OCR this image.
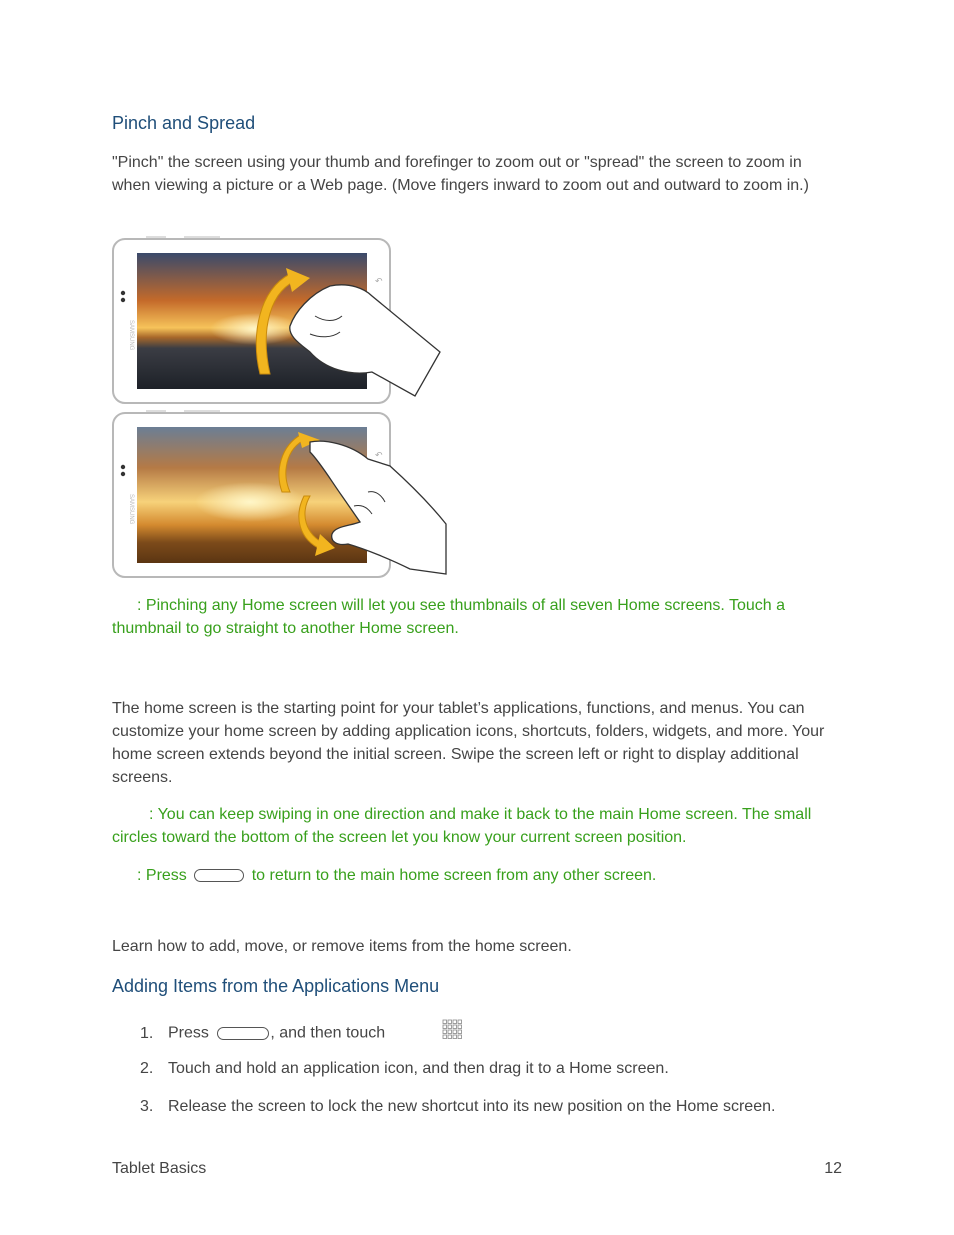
Pinch and Spread
"Pinch" the screen using your thumb and forefinger to zoom out or "spread" the screen to zoom in when viewing a picture or a Web page. (Move fingers inward to zoom out and outward to zoom in.)
SAMSUNG
↶
SAMSUNG
↶
: Pinching any Home screen will let you see thumbnails of all seven Home screens. Touch a thumbnail to go straight to another Home screen.
The home screen is the starting point for your tablet’s applications, functions, and menus. You can customize your home screen by adding application icons, shortcuts, folders, widgets, and more. Your home screen extends beyond the initial screen. Swipe the screen left or right to display additional screens.
: You can keep swiping in one direction and make it back to the main Home screen. The small circles toward the bottom of the screen let you know your current screen position.
: Press	to return to the main home screen from any other screen.
Learn how to add, move, or remove items from the home screen.
Adding Items from the Applications Menu
1. Press	, and then touch
2. Touch and hold an application icon, and then drag it to a Home screen.
3. Release the screen to lock the new shortcut into its new position on the Home screen.
Tablet Basics	12
